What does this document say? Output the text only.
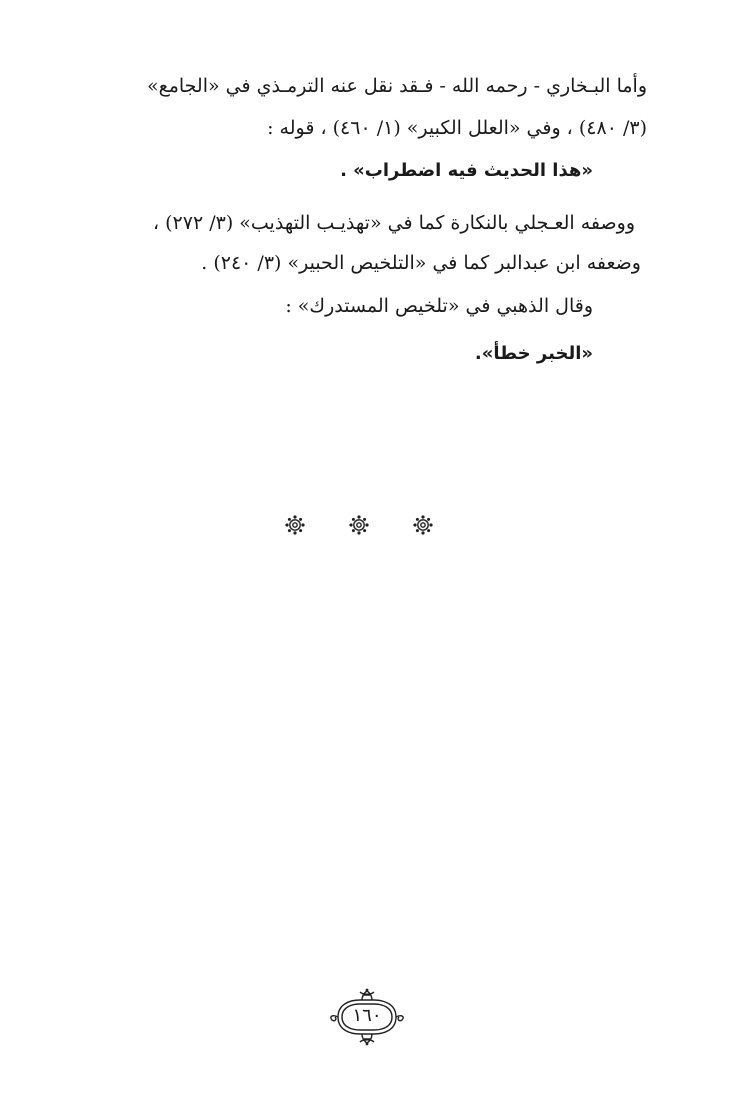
وأما البـخاري - رحمه الله - فـقد نقل عنه الترمـذي في «الجامع»
(٣/ ٤٨٠) ، وفي «العلل الكبير» (١/ ٤٦٠) ، قوله :
«هذا الحديث فيه اضطراب» .
ووصفه العـجلي بالنكارة كما في «تهذيـب التهذيب» (٣/ ٢٧٢) ،
وضعفه ابن عبدالبر كما في «التلخيص الحبير» (٣/ ٢٤٠) .
وقال الذهبي في «تلخيص المستدرك» :
«الخبر خطأ».
١٦٠
